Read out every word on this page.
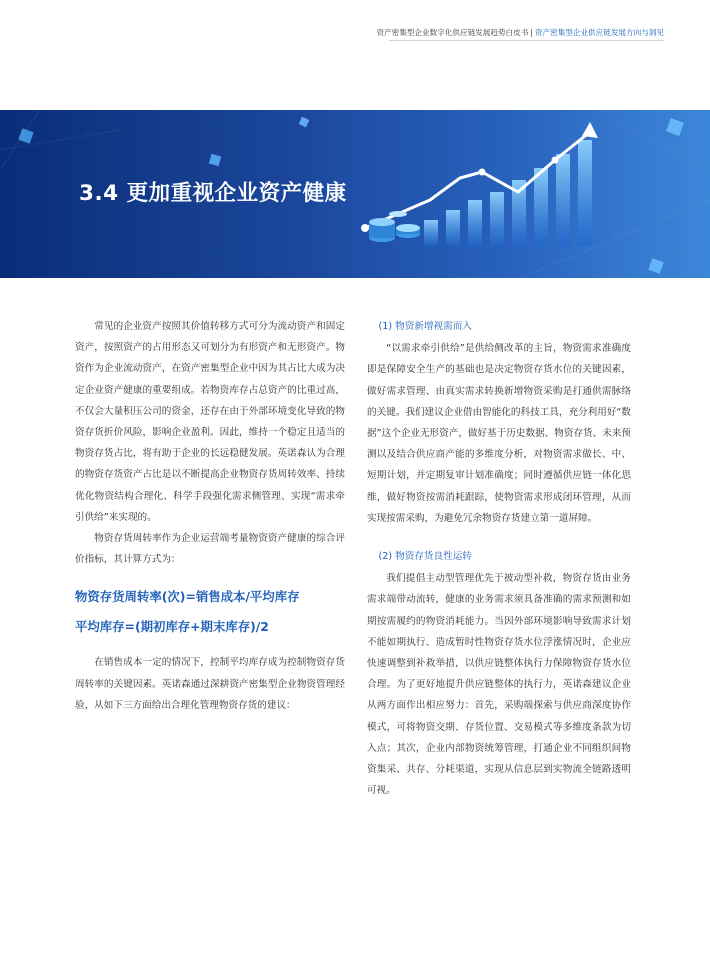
资产密集型企业数字化供应链发展趋势白皮书 | 资产密集型企业供应链发展方向与洞见
3.4 更加重视企业资产健康

常见的企业资产按照其价值转移方式可分为流动资产和固定资产，按照资产的占用形态又可划分为有形资产和无形资产。物资作为企业流动资产，在资产密集型企业中因为其占比大成为决定企业资产健康的重要组成。若物资库存占总资产的比重过高，不仅会大量积压公司的资金，还存在由于外部环境变化导致的物资存货折价风险，影响企业盈利。因此，维持一个稳定且适当的物资存货占比，将有助于企业的长远稳健发展。英诺森认为合理的物资存货资产占比是以不断提高企业物资存货周转效率、持续优化物资结构合理化、科学手段强化需求侧管理、实现“需求牵引供给”来实现的。

物资存货周转率作为企业运营端考量物资资产健康的综合评价指标，其计算方式为：

物资存货周转率(次)=销售成本/平均库存

平均库存=(期初库存+期末库存)/2

在销售成本一定的情况下，控制平均库存成为控制物资存货周转率的关键因素。英诺森通过深耕资产密集型企业物资管理经验，从如下三方面给出合理化管理物资存货的建议：

(1) 物资新增视需而入

“以需求牵引供给”是供给侧改革的主旨，物资需求准确度即是保障安全生产的基础也是决定物资存货水位的关键因素，做好需求管理、由真实需求转换新增物资采购是打通供需脉络的关键。我们建议企业借由智能化的科技工具，充分利用好“数据”这个企业无形资产，做好基于历史数据、物资存货、未来预测以及结合供应商产能的多维度分析，对物资需求做长、中、短期计划，并定期复审计划准确度；同时遵循供应链一体化思维，做好物资按需消耗跟踪，使物资需求形成闭环管理，从而实现按需采购，为避免冗余物资存货建立第一道屏障。

(2) 物资存货良性运转

我们提倡主动型管理优先于被动型补救，物资存货由业务需求端带动流转，健康的业务需求须具备准确的需求预测和如期按需履约的物资消耗能力。当因外部环境影响导致需求计划不能如期执行、造成暂时性物资存货水位浮涨情况时，企业应快速调整到补救举措，以供应链整体执行力保障物资存货水位合理。为了更好地提升供应链整体的执行力，英诺森建议企业从两方面作出相应努力：首先，采购端探索与供应商深度协作模式，可将物资交期、存货位置、交易模式等多维度条款为切入点；其次，企业内部物资统筹管理，打通企业不同组织间物资集采、共存、分耗渠道，实现从信息层到实物流全链路透明可视。
